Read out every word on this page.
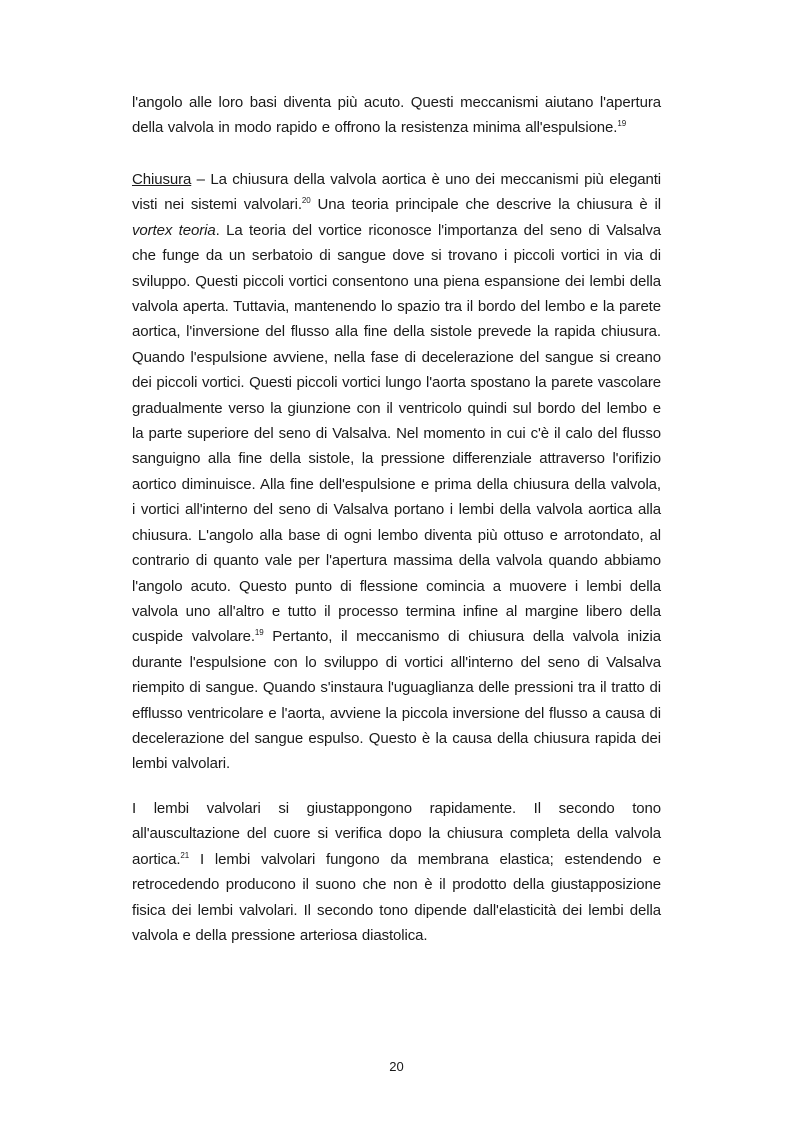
l'angolo alle loro basi diventa più acuto. Questi meccanismi aiutano l'apertura della valvola in modo rapido e offrono la resistenza minima all'espulsione.$^{19}$

Chiusura – La chiusura della valvola aortica è uno dei meccanismi più eleganti visti nei sistemi valvolari.$^{20}$ Una teoria principale che descrive la chiusura è il vortex teoria. La teoria del vortice riconosce l'importanza del seno di Valsalva che funge da un serbatoio di sangue dove si trovano i piccoli vortici in via di sviluppo. Questi piccoli vortici consentono una piena espansione dei lembi della valvola aperta. Tuttavia, mantenendo lo spazio tra il bordo del lembo e la parete aortica, l'inversione del flusso alla fine della sistole prevede la rapida chiusura. Quando l'espulsione avviene, nella fase di decelerazione del sangue si creano dei piccoli vortici. Questi piccoli vortici lungo l'aorta spostano la parete vascolare gradualmente verso la giunzione con il ventricolo quindi sul bordo del lembo e la parte superiore del seno di Valsalva. Nel momento in cui c'è il calo del flusso sanguigno alla fine della sistole, la pressione differenziale attraverso l'orifizio aortico diminuisce. Alla fine dell'espulsione e prima della chiusura della valvola, i vortici all'interno del seno di Valsalva portano i lembi della valvola aortica alla chiusura. L'angolo alla base di ogni lembo diventa più ottuso e arrotondato, al contrario di quanto vale per l'apertura massima della valvola quando abbiamo l'angolo acuto. Questo punto di flessione comincia a muovere i lembi della valvola uno all'altro e tutto il processo termina infine al margine libero della cuspide valvolare.$^{19}$ Pertanto, il meccanismo di chiusura della valvola inizia durante l'espulsione con lo sviluppo di vortici all'interno del seno di Valsalva riempito di sangue. Quando s'instaura l'uguaglianza delle pressioni tra il tratto di efflusso ventricolare e l'aorta, avviene la piccola inversione del flusso a causa di decelerazione del sangue espulso. Questo è la causa della chiusura rapida dei lembi valvolari.

I lembi valvolari si giustappongono rapidamente. Il secondo tono all'auscultazione del cuore si verifica dopo la chiusura completa della valvola aortica.$^{21}$ I lembi valvolari fungono da membrana elastica; estendendo e retrocedendo producono il suono che non è il prodotto della giustapposizione fisica dei lembi valvolari. Il secondo tono dipende dall'elasticità dei lembi della valvola e della pressione arteriosa diastolica.

20
